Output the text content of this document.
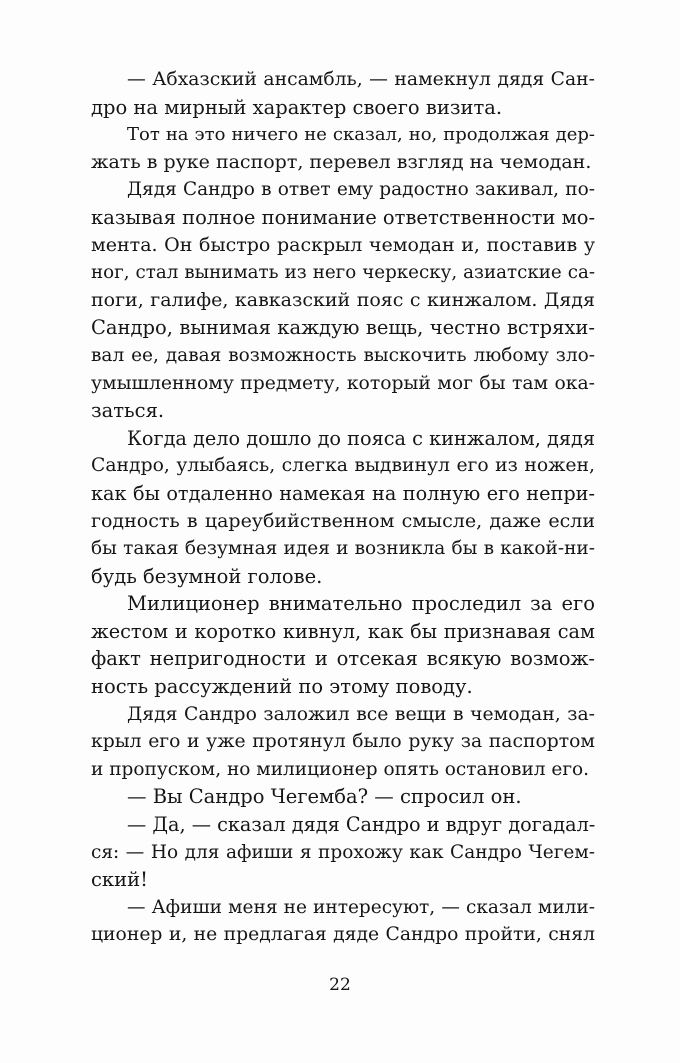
— Абхазский ансамбль, — намекнул дядя Сан-
дро на мирный характер своего визита.
Тот на это ничего не сказал, но, продолжая дер-
жать в руке паспорт, перевел взгляд на чемодан.
Дядя Сандро в ответ ему радостно закивал, по-
казывая полное понимание ответственности мо-
мента. Он быстро раскрыл чемодан и, поставив у
ног, стал вынимать из него черкеску, азиатские са-
поги, галифе, кавказский пояс с кинжалом. Дядя
Сандро, вынимая каждую вещь, честно встряхи-
вал ее, давая возможность выскочить любому зло-
умышленному предмету, который мог бы там ока-
заться.
Когда дело дошло до пояса с кинжалом, дядя
Сандро, улыбаясь, слегка выдвинул его из ножен,
как бы отдаленно намекая на полную его непри-
годность в цареубийственном смысле, даже если
бы такая безумная идея и возникла бы в какой-ни-
будь безумной голове.
Милиционер внимательно проследил за его
жестом и коротко кивнул, как бы признавая сам
факт непригодности и отсекая всякую возмож-
ность рассуждений по этому поводу.
Дядя Сандро заложил все вещи в чемодан, за-
крыл его и уже протянул было руку за паспортом
и пропуском, но милиционер опять остановил его.
— Вы Сандро Чегемба? — спросил он.
— Да, — сказал дядя Сандро и вдруг догадал-
ся: — Но для афиши я прохожу как Сандро Чегем-
ский!
— Афиши меня не интересуют, — сказал мили-
ционер и, не предлагая дяде Сандро пройти, снял
22
